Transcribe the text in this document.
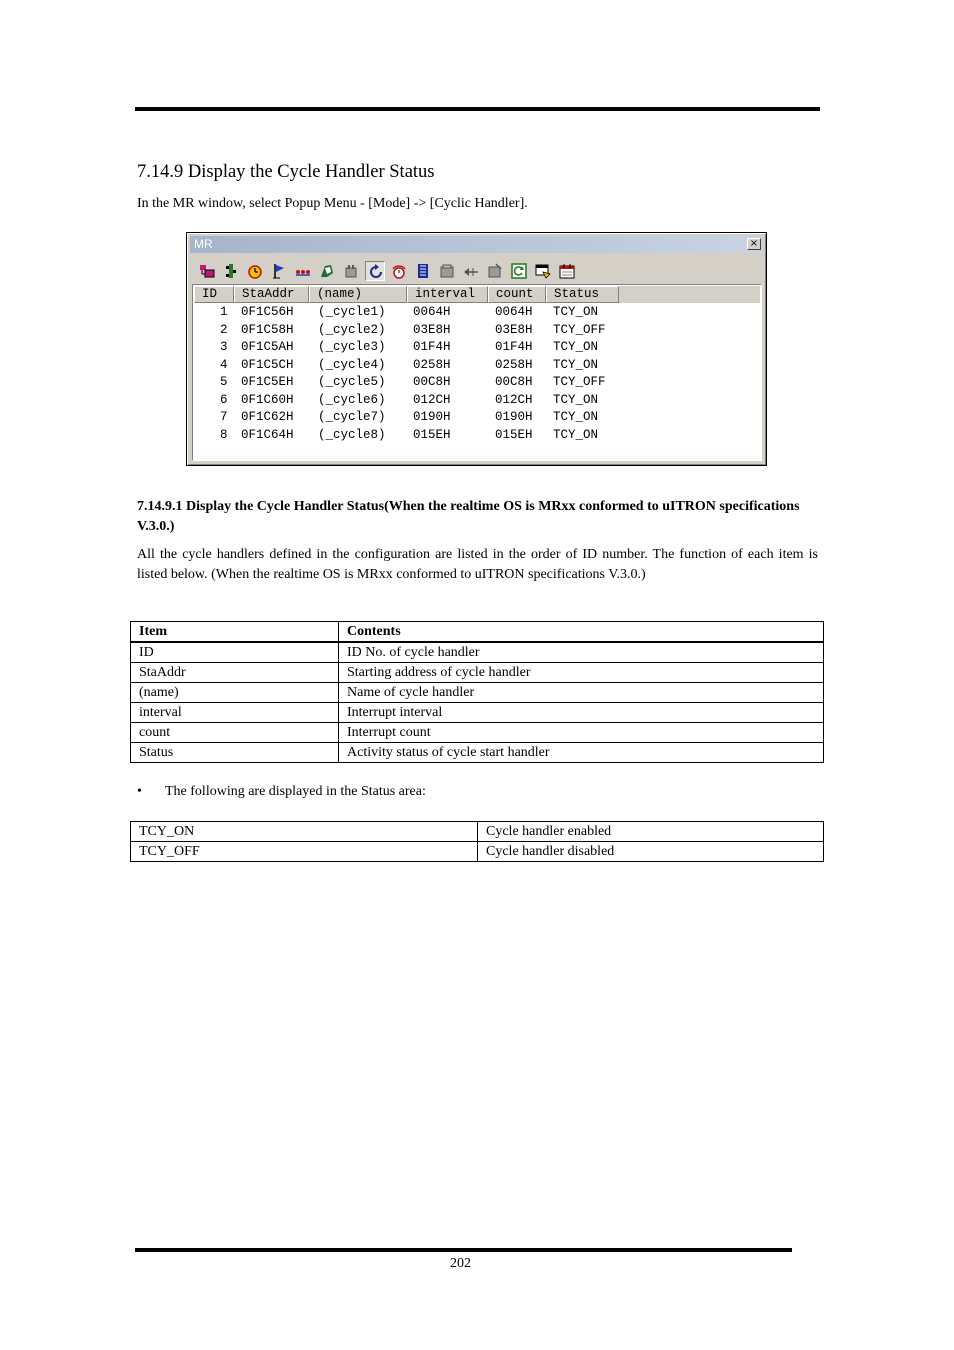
7.14.9 Display the Cycle Handler Status

In the MR window, select Popup Menu - [Mode] -> [Cyclic Handler].

MR	×
ID	StaAddr	(name)	interval	count	Status
1 0F1C56H (_cycle1) 0064H	0064H TCY_ON
2 0F1C58H (_cycle2) 03E8H	03E8H TCY_OFF
3 0F1C5AH (_cycle3) 01F4H	01F4H TCY_ON
4 0F1C5CH (_cycle4) 0258H	0258H TCY_ON
5 0F1C5EH (_cycle5) 00C8H	00C8H TCY_OFF
6 0F1C60H (_cycle6) 012CH	012CH TCY_ON
7 0F1C62H (_cycle7) 0190H	0190H TCY_ON
8 0F1C64H (_cycle8) 015EH	015EH TCY_ON
7.14.9.1 Display the Cycle Handler Status(When the realtime OS is MRxx conformed to uITRON specifications V.3.0.)

All the cycle handlers defined in the configuration are listed in the order of ID number. The function of each item is listed below. (When the realtime OS is MRxx conformed to uITRON specifications V.3.0.)

Item	Contents
ID	ID No. of cycle handler
StaAddr	Starting address of cycle handler
(name)	Name of cycle handler
interval	Interrupt interval
count	Interrupt count
Status	Activity status of cycle start handler
• The following are displayed in the Status area:
TCY_ON	Cycle handler enabled
TCY_OFF	Cycle handler disabled
202
